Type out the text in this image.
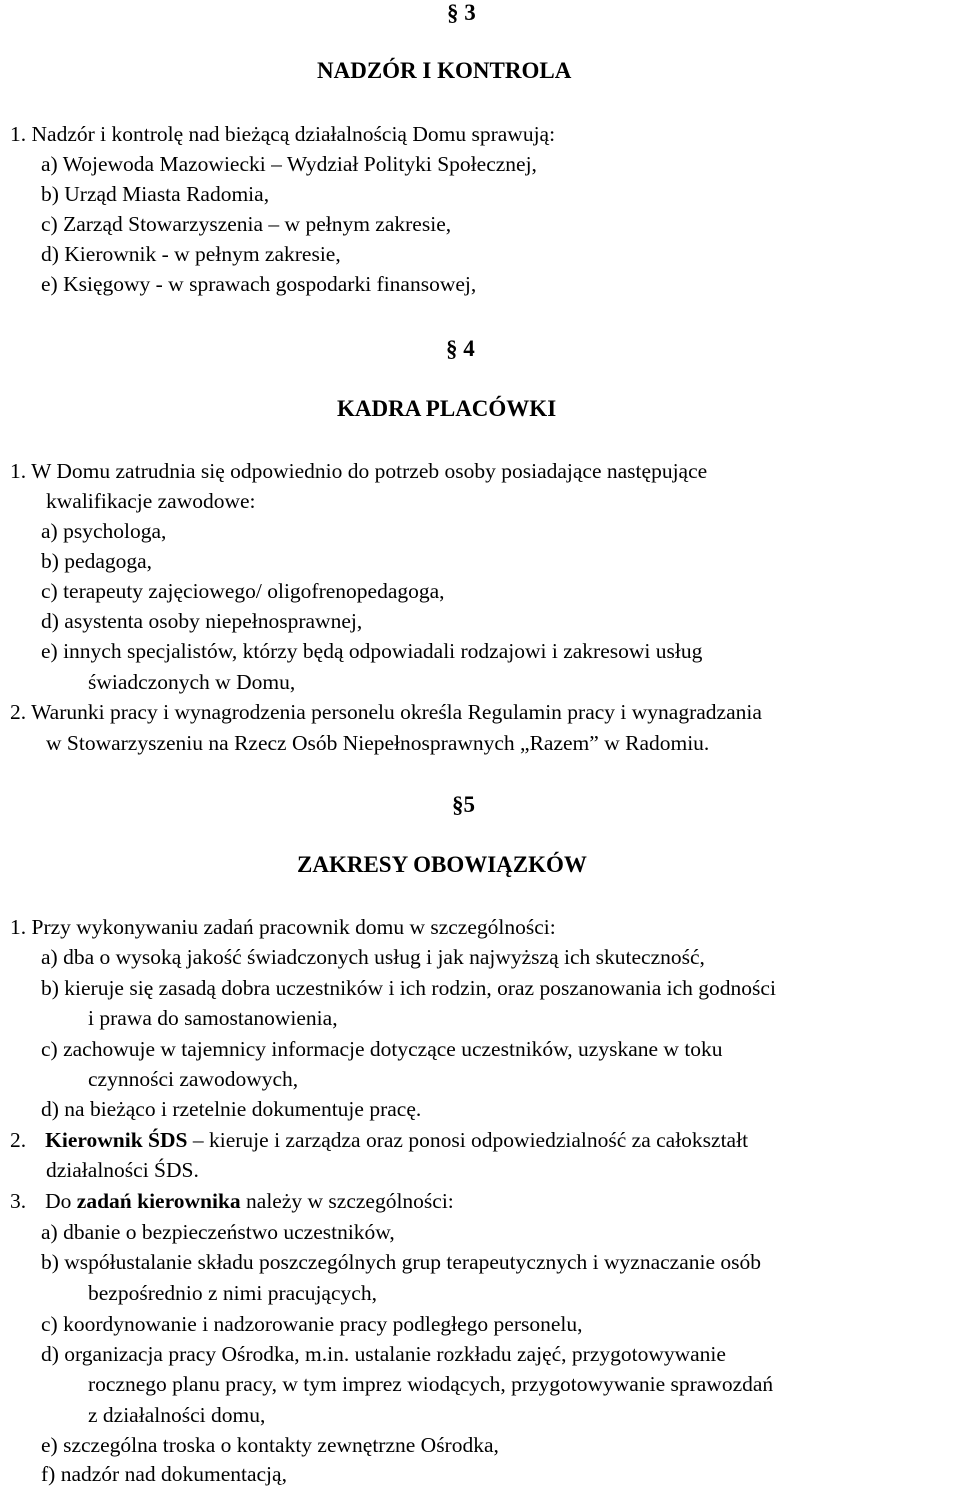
§ 3
NADZÓR I KONTROLA
1. Nadzór i kontrolę nad bieżącą działalnością Domu sprawują:
a) Wojewoda Mazowiecki – Wydział Polityki Społecznej,
b) Urząd Miasta Radomia,
c) Zarząd Stowarzyszenia – w pełnym zakresie,
d) Kierownik - w pełnym zakresie,
e) Księgowy - w sprawach gospodarki finansowej,
§ 4
KADRA PLACÓWKI
1. W Domu zatrudnia się odpowiednio do potrzeb osoby posiadające następujące
kwalifikacje zawodowe:
a) psychologa,
b) pedagoga,
c) terapeuty zajęciowego/ oligofrenopedagoga,
d) asystenta osoby niepełnosprawnej,
e) innych specjalistów, którzy będą odpowiadali rodzajowi i zakresowi usług
świadczonych w Domu,
2. Warunki pracy i wynagrodzenia personelu określa Regulamin pracy i wynagradzania
w Stowarzyszeniu na Rzecz Osób Niepełnosprawnych „Razem” w Radomiu.
§5
ZAKRESY OBOWIĄZKÓW
1. Przy wykonywaniu zadań pracownik domu w szczególności:
a) dba o wysoką jakość świadczonych usług i jak najwyższą ich skuteczność,
b) kieruje się zasadą dobra uczestników i ich rodzin, oraz poszanowania ich godności
i prawa do samostanowienia,
c) zachowuje w tajemnicy informacje dotyczące uczestników, uzyskane w toku
czynności zawodowych,
d) na bieżąco i rzetelnie dokumentuje pracę.
2. Kierownik ŚDS – kieruje i zarządza oraz ponosi odpowiedzialność za całokształt
działalności ŚDS.
3. Do zadań kierownika należy w szczególności:
a) dbanie o bezpieczeństwo uczestników,
b) współustalanie składu poszczególnych grup terapeutycznych i wyznaczanie osób
bezpośrednio z nimi pracujących,
c) koordynowanie i nadzorowanie pracy podległego personelu,
d) organizacja pracy Ośrodka, m.in. ustalanie rozkładu zajęć, przygotowywanie
rocznego planu pracy, w tym imprez wiodących, przygotowywanie sprawozdań
z działalności domu,
e) szczególna troska o kontakty zewnętrzne Ośrodka,
f) nadzór nad dokumentacją,
